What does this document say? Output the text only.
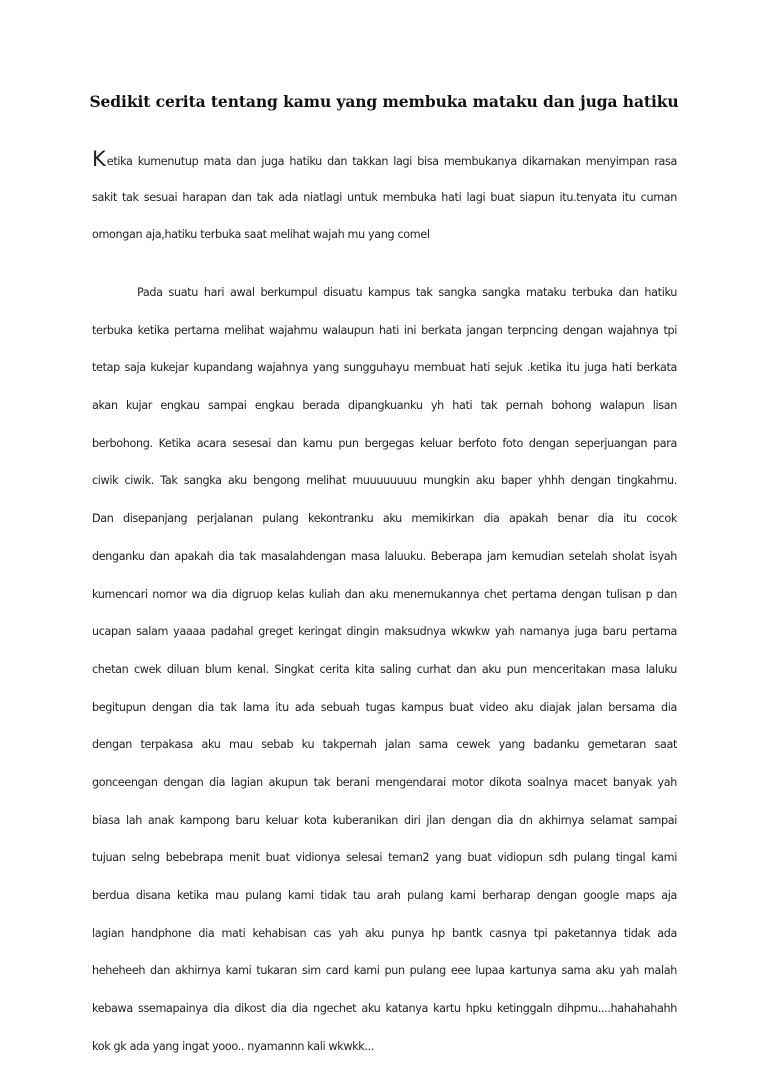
Sedikit cerita tentang kamu yang membuka mataku dan juga hatiku
Ketika kumenutup mata dan juga hatiku dan takkan lagi bisa membukanya dikarnakan menyimpan rasa
sakit tak sesuai harapan dan tak ada niatlagi untuk membuka hati lagi buat siapun itu.tenyata itu cuman
omongan aja,hatiku terbuka saat melihat wajah mu yang comel
Pada suatu hari awal berkumpul disuatu kampus tak sangka sangka mataku terbuka dan hatiku
terbuka ketika pertama melihat wajahmu walaupun hati ini berkata jangan terpncing dengan wajahnya tpi
tetap saja kukejar kupandang wajahnya yang sungguhayu membuat hati sejuk .ketika itu juga hati berkata
akan kujar engkau sampai engkau berada dipangkuanku yh hati tak pernah bohong walapun lisan
berbohong. Ketika acara sesesai dan kamu pun bergegas keluar berfoto foto dengan seperjuangan para
ciwik ciwik. Tak sangka aku bengong melihat muuuuuuuu mungkin aku baper yhhh dengan tingkahmu.
Dan disepanjang perjalanan pulang kekontranku aku memikirkan dia apakah benar dia itu cocok
denganku dan apakah dia tak masalahdengan masa laluuku. Beberapa jam kemudian setelah sholat isyah
kumencari nomor wa dia digruop kelas kuliah dan aku menemukannya chet pertama dengan tulisan p dan
ucapan salam yaaaa padahal greget keringat dingin maksudnya wkwkw yah namanya juga baru pertama
chetan cwek diluan blum kenal. Singkat cerita kita saling curhat dan aku pun menceritakan masa laluku
begitupun dengan dia tak lama itu ada sebuah tugas kampus buat video aku diajak jalan bersama dia
dengan terpakasa aku mau sebab ku takpernah jalan sama cewek yang badanku gemetaran saat
gonceengan dengan dia lagian akupun tak berani mengendarai motor dikota soalnya macet banyak yah
biasa lah anak kampong baru keluar kota kuberanikan diri jlan dengan dia dn akhirnya selamat sampai
tujuan selng bebebrapa menit buat vidionya selesai teman2 yang buat vidiopun sdh pulang tingal kami
berdua disana ketika mau pulang kami tidak tau arah pulang kami berharap dengan google maps aja
lagian handphone dia mati kehabisan cas yah aku punya hp bantk casnya tpi paketannya tidak ada
heheheeh dan akhirnya kami tukaran sim card kami pun pulang eee lupaa kartunya sama aku yah malah
kebawa ssemapainya dia dikost dia dia ngechet aku katanya kartu hpku ketinggaln dihpmu....hahahahahh
kok gk ada yang ingat yooo.. nyamannn kali wkwkk...
